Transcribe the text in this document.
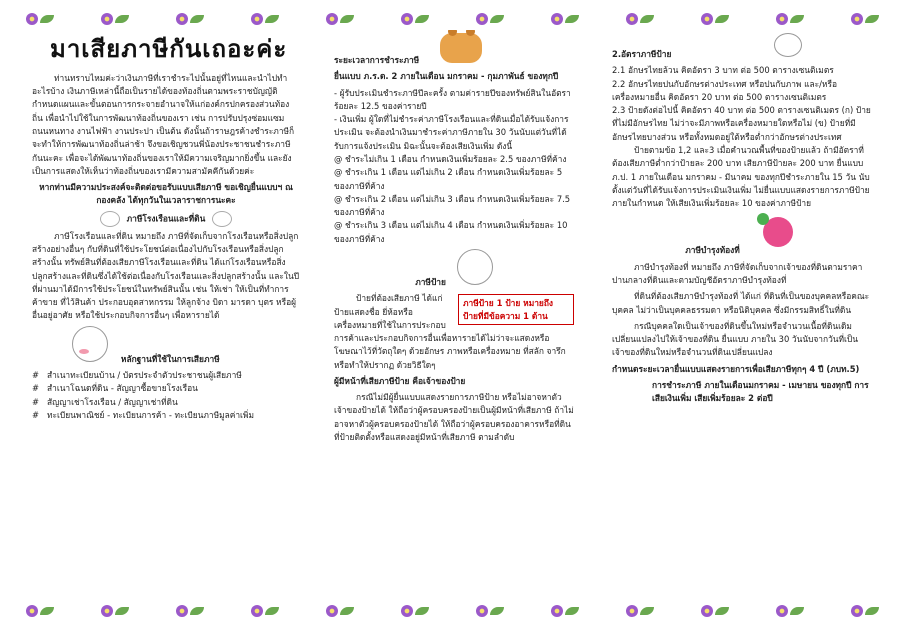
มาเสียภาษีกันเถอะค่ะ
ท่านทราบไหมค่ะว่าเงินภาษีที่เราชำระไปนั้นอยู่ที่ไหนและนำไปทำอะไรบ้าง เงินภาษีเหล่านี้ถือเป็นรายได้ของท้องถิ่นตามพระราชบัญญัติกำหนดแผนและขั้นตอนการกระจายอำนาจให้แก่องค์กรปกครองส่วนท้องถิ่น เพื่อนำไปใช้ในการพัฒนาท้องถิ่นของเรา เช่น การปรับปรุงซ่อมแซมถนนหนทาง งานไฟฟ้า งานประปา เป็นต้น ดังนั้นถ้าราษฎรค้างชำระภาษีก็จะทำให้การพัฒนาท้องถิ่นล่าช้า จึงขอเชิญชวนพี่น้องประชาชนชำระภาษีกันนะคะ เพื่อจะได้พัฒนาท้องถิ่นของเราให้มีความเจริญมากยิ่งขึ้น และยังเป็นการแสดงให้เห็นว่าท้องถิ่นของเรามีความสามัคคีกันด้วยค่ะ
หากท่านมีความประสงค์จะติดต่อขอรับแบบเสียภาษี ขอเชิญยื่นแบบฯ ณ กองคลัง ได้ทุกวันในเวลาราชการนะคะ
ภาษีโรงเรือนและที่ดิน
ภาษีโรงเรือนและที่ดิน หมายถึง ภาษีที่จัดเก็บจากโรงเรือนหรือสิ่งปลูกสร้างอย่างอื่นๆ กับที่ดินที่ใช้ประโยชน์ต่อเนื่องไปกับโรงเรือนหรือสิ่งปลูกสร้างนั้น ทรัพย์สินที่ต้องเสียภาษีโรงเรือนและที่ดิน ได้แก่โรงเรือนหรือสิ่งปลูกสร้างและที่ดินซึ่งได้ใช้ต่อเนื่องกับโรงเรือนและสิ่งปลูกสร้างนั้น และในปีที่ผ่านมาได้มีการใช้ประโยชน์ในทรัพย์สินนั้น เช่น ให้เช่า ให้เป็นที่ทำการค้าขาย ที่ไว้สินค้า ประกอบอุตสาหกรรม ให้ลูกจ้าง บิดา มารดา บุตร หรือผู้อื่นอยู่อาศัย หรือใช้ประกอบกิจการอื่นๆ เพื่อหารายได้
หลักฐานที่ใช้ในการเสียภาษี
#   สำเนาทะเบียนบ้าน / บัตรประจำตัวประชาชนผู้เสียภาษี
#   สำเนาโฉนดที่ดิน - สัญญาซื้อขายโรงเรือน
#   สัญญาเช่าโรงเรือน / สัญญาเช่าที่ดิน
#   ทะเบียนพาณิชย์ - ทะเบียนการค้า - ทะเบียนภาษีมูลค่าเพิ่ม
ระยะเวลาการชำระภาษี
ยื่นแบบ ภ.ร.ด. 2 ภายในเดือน มกราคม - กุมภาพันธ์ ของทุกปี
- ผู้รับประเมินชำระภาษีปีละครั้ง ตามค่ารายปีของทรัพย์สินในอัตราร้อยละ 12.5 ของค่ารายปี
- เงินเพิ่ม ผู้ใดที่ไม่ชำระค่าภาษีโรงเรือนและที่ดินเมื่อได้รับแจ้งการประเมิน จะต้องนำเงินมาชำระค่าภาษีภายใน 30 วันนับแต่วันที่ได้รับการแจ้งประเมิน มิฉะนั้นจะต้องเสียเงินเพิ่ม ดังนี้
@ ชำระไม่เกิน 1 เดือน กำหนดเงินเพิ่มร้อยละ 2.5 ของภาษีที่ค้าง
@ ชำระเกิน 1 เดือน แต่ไม่เกิน 2 เดือน กำหนดเงินเพิ่มร้อยละ 5 ของภาษีที่ค้าง
@ ชำระเกิน 2 เดือน แต่ไม่เกิน 3 เดือน กำหนดเงินเพิ่มร้อยละ 7.5 ของภาษีที่ค้าง
@ ชำระเกิน 3 เดือน แต่ไม่เกิน 4 เดือน กำหนดเงินเพิ่มร้อยละ 10 ของภาษีที่ค้าง
ภาษีป้าย
ภาษีป้าย 1 ป้าย หมายถึง ป้ายที่มีข้อความ 1 ด้าน
ป้ายที่ต้องเสียภาษี ได้แก่ ป้ายแสดงชื่อ ยี่ห้อหรือเครื่องหมายที่ใช้ในการประกอบการค้าและประกอบกิจการอื่นเพื่อหารายได้ไม่ว่าจะแสดงหรือโฆษณาไว้ที่วัตถุใดๆ ด้วยอักษร ภาพหรือเครื่องหมาย ที่สลัก จารึก หรือทำให้ปรากฏ ด้วยวิธีใดๆ
ผู้มีหน้าที่เสียภาษีป้าย คือเจ้าของป้าย
กรณีไม่มีผู้ยื่นแบบแสดงรายการภาษีป้าย หรือไม่อาจหาตัวเจ้าของป้ายได้ ให้ถือว่าผู้ครอบครองป้ายเป็นผู้มีหน้าที่เสียภาษี ถ้าไม่อาจหาตัวผู้ครอบครองป้ายได้ ให้ถือว่าผู้ครอบครองอาคารหรือที่ดินที่ป้ายติดตั้งหรือแสดงอยู่มีหน้าที่เสียภาษี ตามลำดับ
2.อัตราภาษีป้าย
2.1 อักษรไทยล้วน คิดอัตรา 3 บาท ต่อ 500 ตารางเซนติเมตร
2.2 อักษรไทยปนกับอักษรต่างประเทศ หรือปนกับภาพ และ/หรือเครื่องหมายอื่น คิดอัตรา 20 บาท ต่อ 500 ตารางเซนติเมตร
2.3 ป้ายดังต่อไปนี้ คิดอัตรา 40 บาท ต่อ 500 ตารางเซนติเมตร (ก) ป้ายที่ไม่มีอักษรไทย ไม่ว่าจะมีภาพหรือเครื่องหมายใดหรือไม่ (ข) ป้ายที่มีอักษรไทยบางส่วน หรือทั้งหมดอยู่ใต้หรือต่ำกว่าอักษรต่างประเทศ
ป้ายตามข้อ 1,2 และ3 เมื่อคำนวณพื้นที่ของป้ายแล้ว ถ้ามีอัตราที่ต้องเสียภาษีต่ำกว่าป้ายละ 200 บาท เสียภาษีป้ายละ 200 บาท ยื่นแบบ ภ.ป. 1 ภายในเดือน มกราคม - มีนาคม ของทุกปีชำระภายใน 15 วัน นับตั้งแต่วันที่ได้รับแจ้งการประเมินเงินเพิ่ม ไม่ยื่นแบบแสดงรายการภาษีป้ายภายในกำหนด ให้เสียเงินเพิ่มร้อยละ 10 ของค่าภาษีป้าย
ภาษีบำรุงท้องที่
ภาษีบำรุงท้องที่ หมายถึง ภาษีที่จัดเก็บจากเจ้าของที่ดินตามราคาปานกลางที่ดินและตามบัญชีอัตราภาษีบำรุงท้องที่
ที่ดินที่ต้องเสียภาษีบำรุงท้องที่ ได้แก่ ที่ดินที่เป็นของบุคคลหรือคณะบุคคล ไม่ว่าเป็นบุคคลธรรมดา หรือนิติบุคคล ซึ่งมีกรรมสิทธิ์ในที่ดิน
กรณีบุคคลใดเป็นเจ้าของที่ดินขึ้นใหม่หรือจำนวนเนื้อที่ดินเดิมเปลี่ยนแปลงไปให้เจ้าของที่ดิน ยื่นแบบ ภายใน 30 วันนับจากวันที่เป็นเจ้าของที่ดินใหม่หรือจำนวนที่ดินเปลี่ยนแปลง
กำหนดระยะเวลายื่นแบบแสดงรายการเพื่อเสียภาษีทุกๆ 4 ปี (ภบท.5)
การชำระภาษี ภายในเดือนมกราคม - เมษายน ของทุกปี การเสียเงินเพิ่ม เสียเพิ่มร้อยละ 2 ต่อปี
